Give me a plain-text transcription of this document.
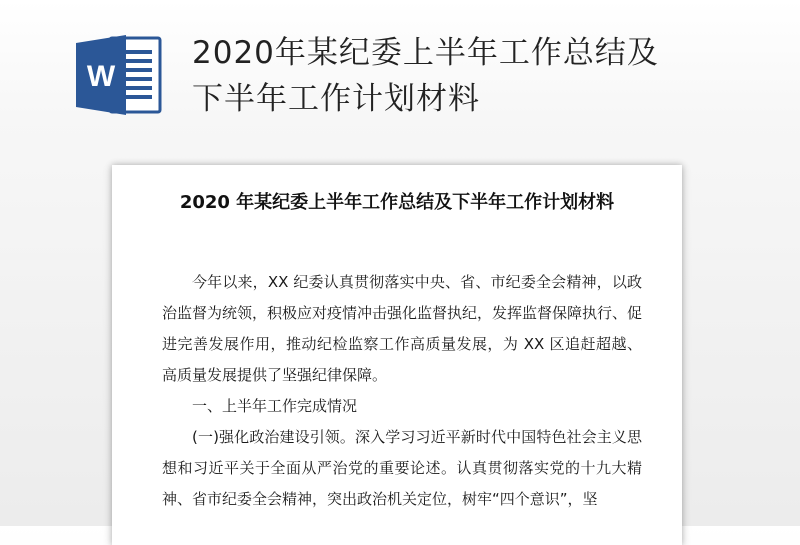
W
2020年某纪委上半年工作总结及下半年工作计划材料
2020 年某纪委上半年工作总结及下半年工作计划材料

今年以来，XX 纪委认真贯彻落实中央、省、市纪委全会精神，以政治监督为统领，积极应对疫情冲击强化监督执纪，发挥监督保障执行、促进完善发展作用，推动纪检监察工作高质量发展，为 XX 区追赶超越、高质量发展提供了坚强纪律保障。

一、上半年工作完成情况

(一)强化政治建设引领。深入学习习近平新时代中国特色社会主义思想和习近平关于全面从严治党的重要论述。认真贯彻落实党的十九大精神、省市纪委全会精神，突出政治机关定位，树牢“四个意识”，坚
